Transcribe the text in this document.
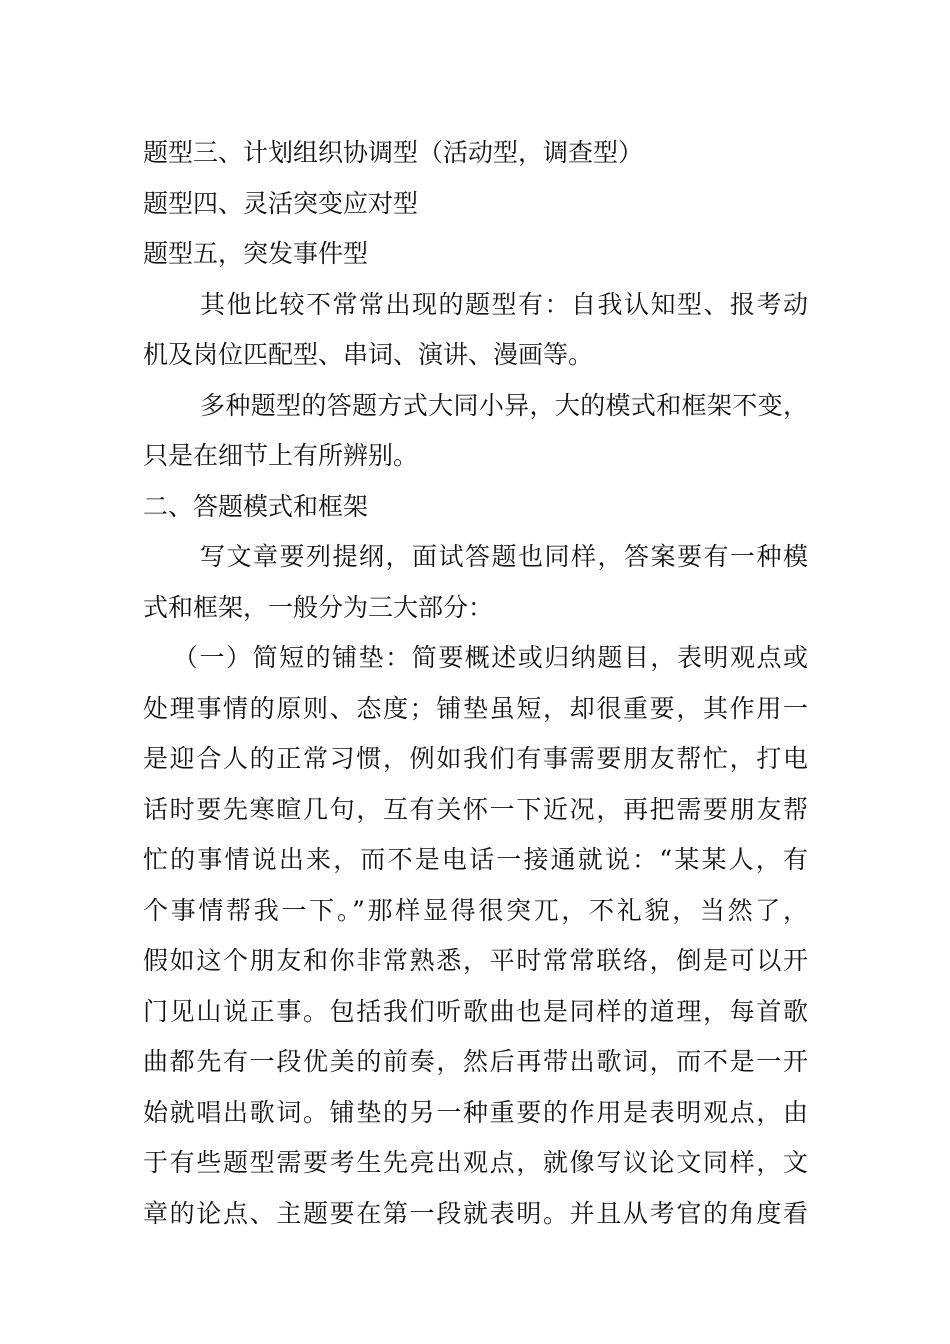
题型三、计划组织协调型（活动型，调查型）
题型四、灵活突变应对型
题型五，突发事件型
其他比较不常常出现的题型有：自我认知型、报考动
机及岗位匹配型、串词、演讲、漫画等。
多种题型的答题方式大同小异，大的模式和框架不变，
只是在细节上有所辨别。
二、答题模式和框架
写文章要列提纲，面试答题也同样，答案要有一种模
式和框架，一般分为三大部分：
（一）简短的铺垫：简要概述或归纳题目，表明观点或
处理事情的原则、态度；铺垫虽短，却很重要，其作用一
是迎合人的正常习惯，例如我们有事需要朋友帮忙，打电
话时要先寒暄几句，互有关怀一下近况，再把需要朋友帮
忙的事情说出来，而不是电话一接通就说：“某某人，有
个事情帮我一下。”那样显得很突兀，不礼貌，当然了，
假如这个朋友和你非常熟悉，平时常常联络，倒是可以开
门见山说正事。包括我们听歌曲也是同样的道理，每首歌
曲都先有一段优美的前奏，然后再带出歌词，而不是一开
始就唱出歌词。铺垫的另一种重要的作用是表明观点，由
于有些题型需要考生先亮出观点，就像写议论文同样，文
章的论点、主题要在第一段就表明。并且从考官的角度看
